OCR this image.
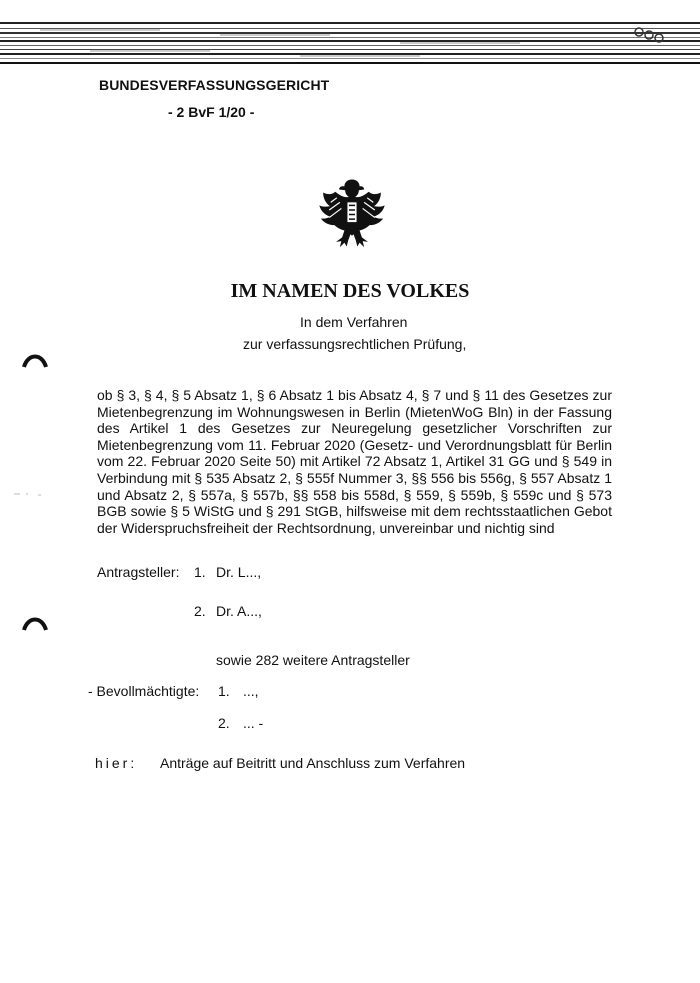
BUNDESVERFASSUNGSGERICHT
- 2 BvF 1/20 -
IM NAMEN DES VOLKES
In dem Verfahren
zur verfassungsrechtlichen Prüfung,
ob § 3, § 4, § 5 Absatz 1, § 6 Absatz 1 bis Absatz 4, § 7 und § 11 des Gesetzes zur Mietenbegrenzung im Wohnungswesen in Berlin (MietenWoG Bln) in der Fassung des Artikel 1 des Gesetzes zur Neuregelung gesetzlicher Vorschriften zur Mietenbegrenzung vom 11. Februar 2020 (Gesetz- und Verordnungsblatt für Berlin vom 22. Februar 2020 Seite 50) mit Artikel 72 Absatz 1, Artikel 31 GG und § 549 in Verbindung mit § 535 Absatz 2, § 555f Nummer 3, §§ 556 bis 556g, § 557 Absatz 1 und Absatz 2, § 557a, § 557b, §§ 558 bis 558d, § 559, § 559b, § 559c und § 573 BGB sowie § 5 WiStG und § 291 StGB, hilfsweise mit dem rechtsstaatlichen Gebot der Widerspruchsfreiheit der Rechtsordnung, unvereinbar und nichtig sind
Antragsteller: 1. Dr. L...,
2. Dr. A...,
sowie 282 weitere Antragsteller
- Bevollmächtigte: 1. ...,
2. ... -
hier: Anträge auf Beitritt und Anschluss zum Verfahren
